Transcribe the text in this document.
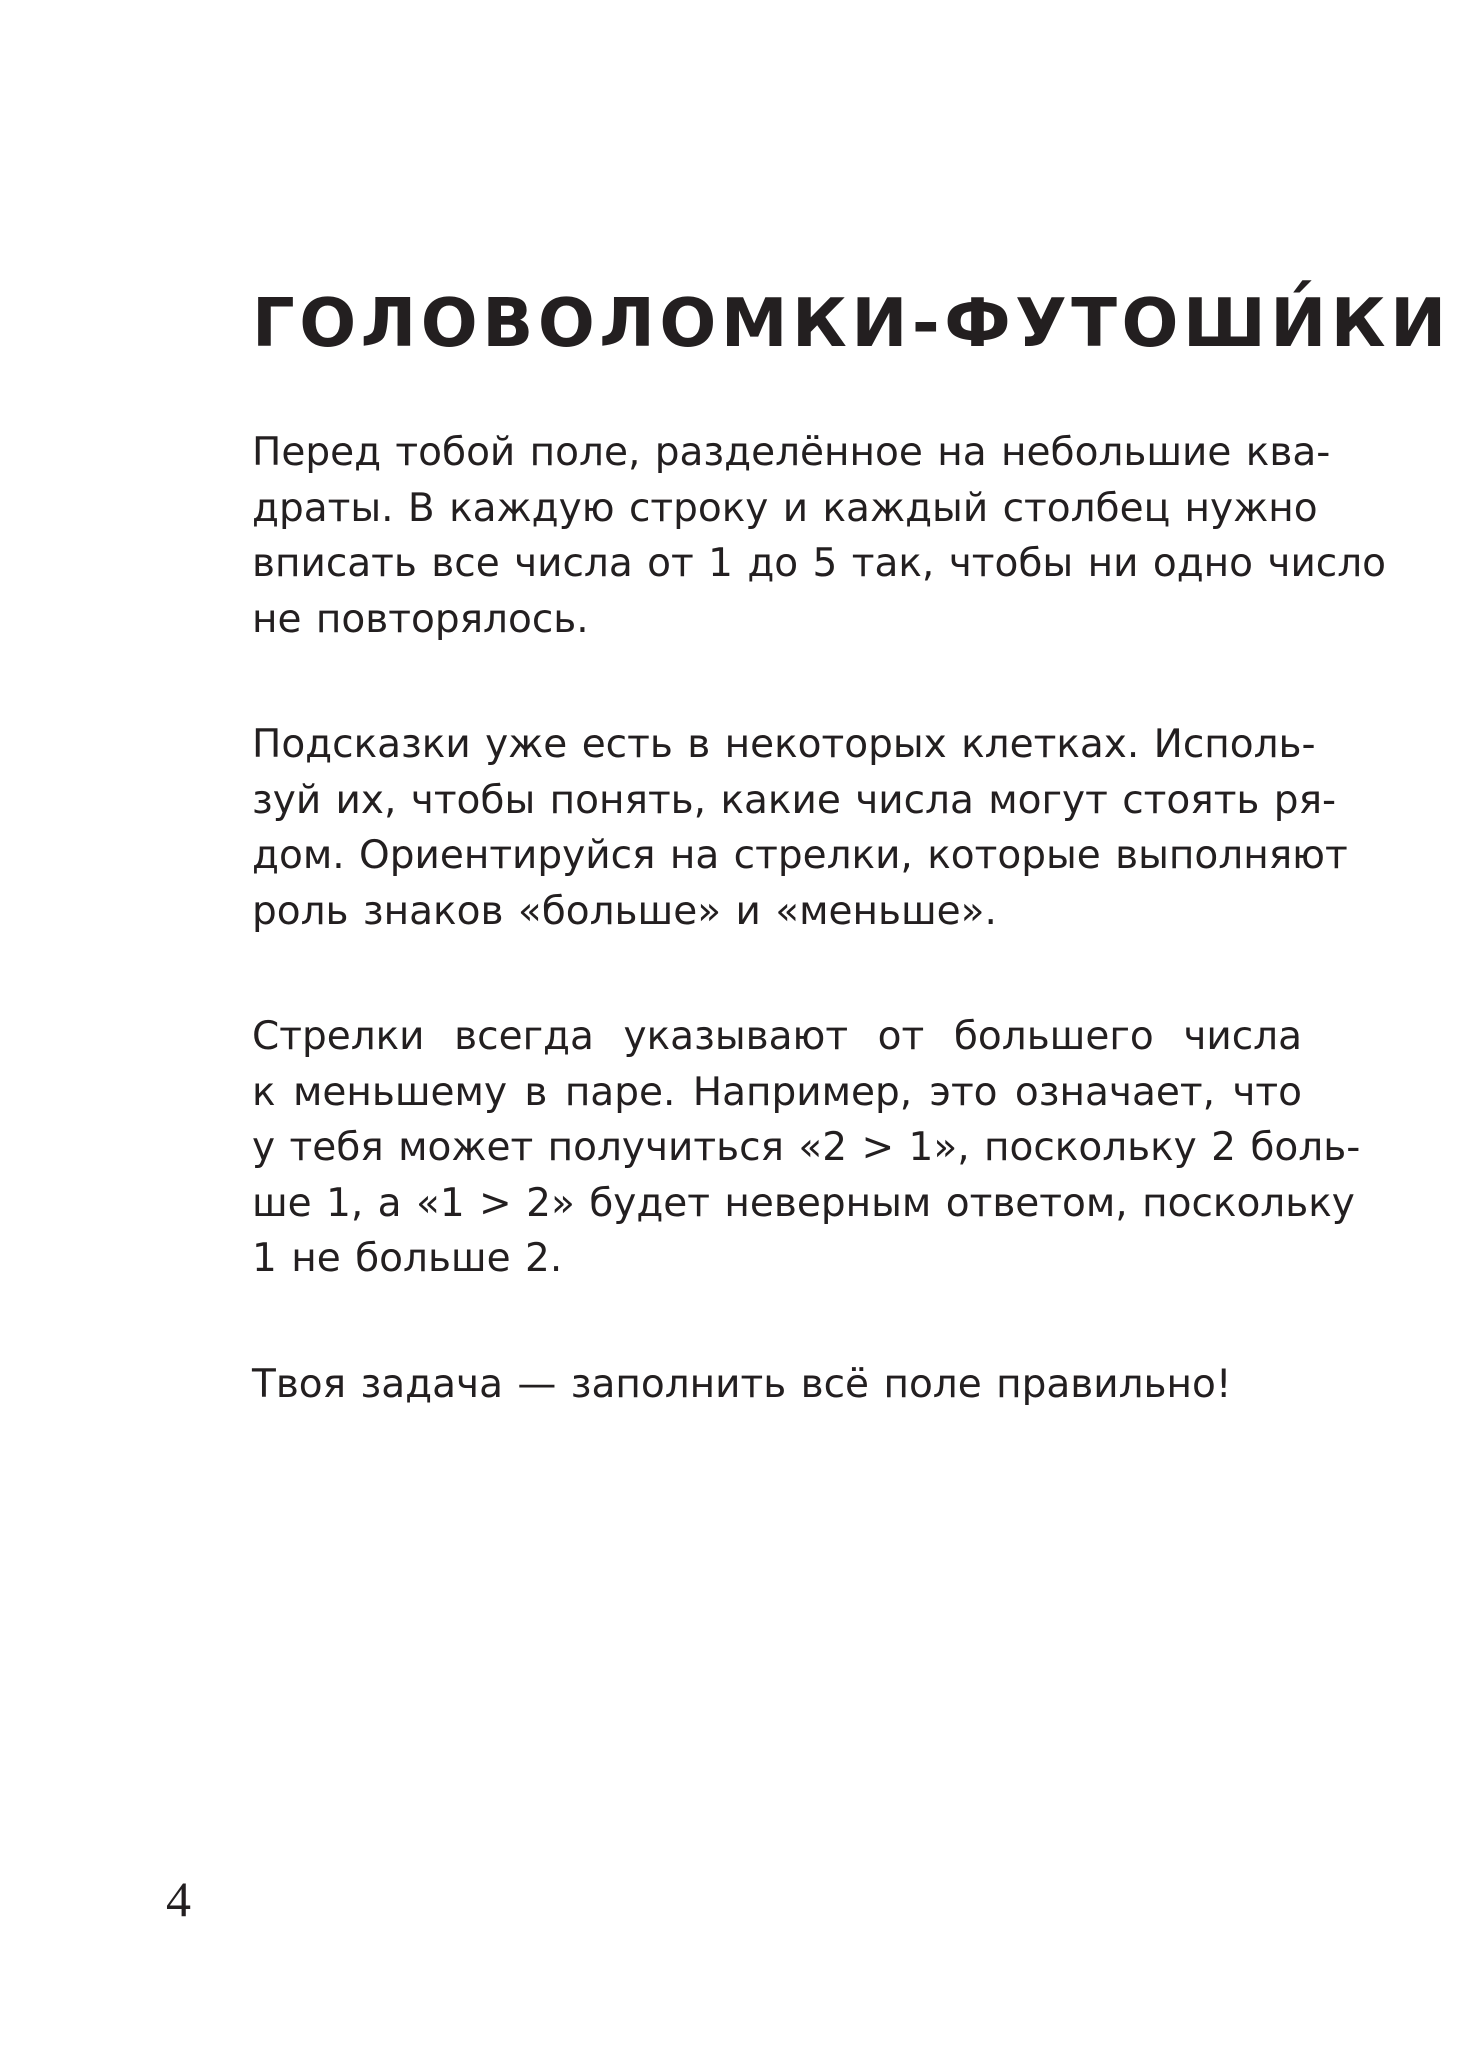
ГОЛОВОЛОМКИ-ФУТОШИ́КИ

Перед тобой поле, разделённое на небольшие ква-
драты. В каждую строку и каждый столбец нужно
вписать все числа от 1 до 5 так, чтобы ни одно число
не повторялось.

Подсказки уже есть в некоторых клетках. Исполь-
зуй их, чтобы понять, какие числа могут стоять ря-
дом. Ориентируйся на стрелки, которые выполняют
роль знаков «больше» и «меньше».

Стрелки всегда указывают от большего числа
к меньшему в паре. Например, это означает, что
у тебя может получиться «2 > 1», поскольку 2 боль-
ше 1, а «1 > 2» будет неверным ответом, поскольку
1 не больше 2.

Твоя задача — заполнить всё поле правильно!

4
